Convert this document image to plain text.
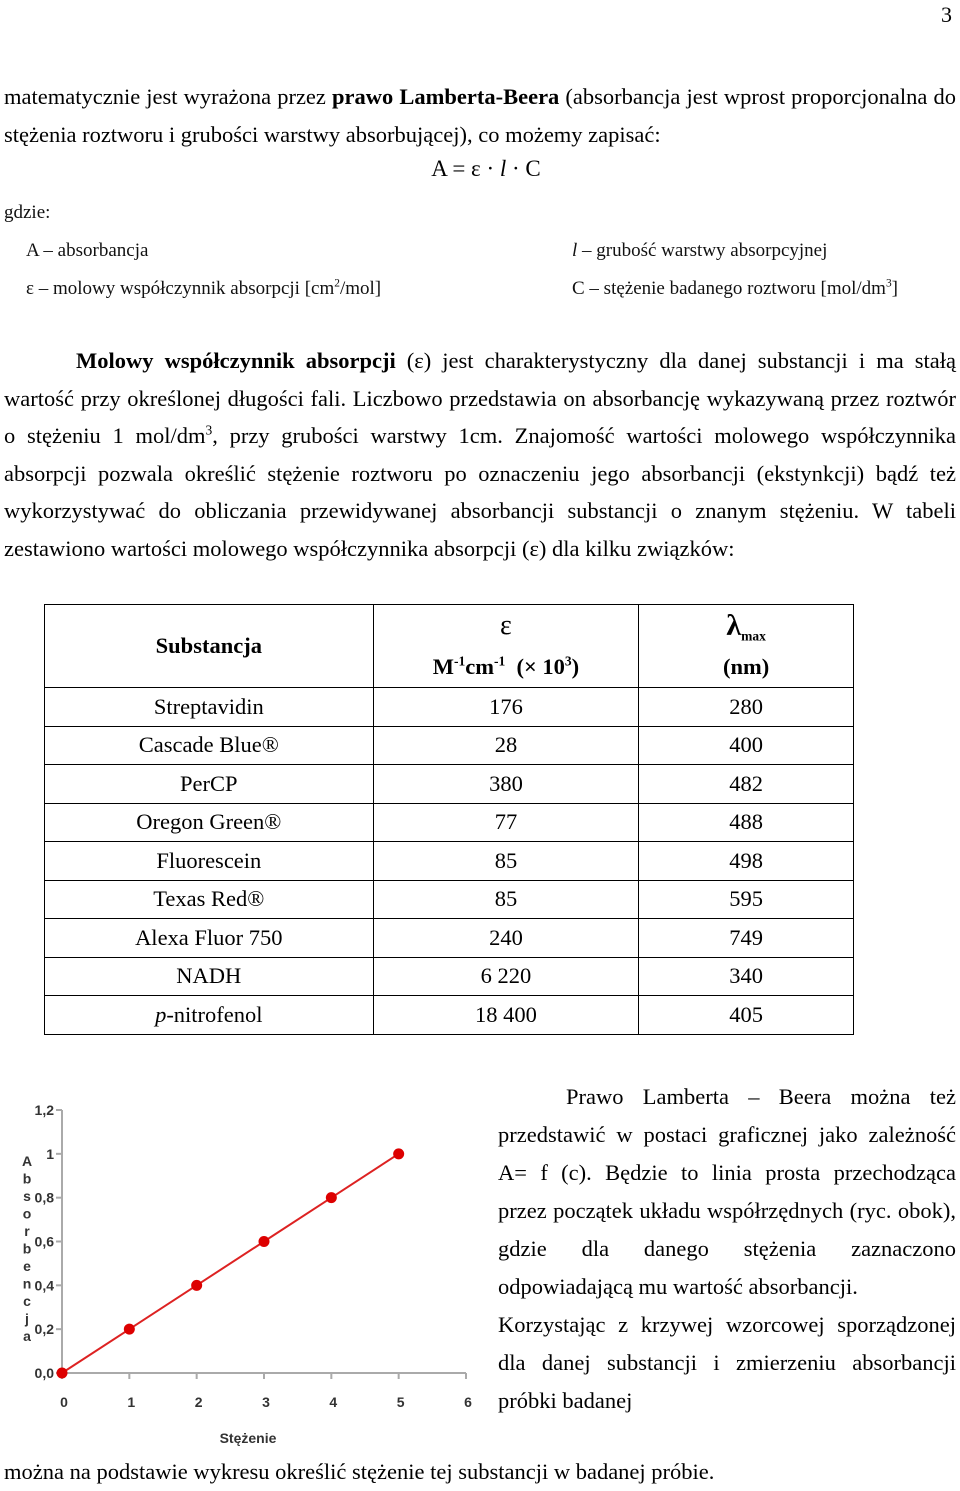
3
matematycznie jest wyrażona przez prawo Lamberta-Beera (absorbancja jest wprost proporcjonalna do stężenia roztworu i grubości warstwy absorbującej), co możemy zapisać:
A = ε · l · C
gdzie:
A – absorbancja	l – grubość warstwy absorpcyjnej
ε – molowy współczynnik absorpcji $[cm^2/mol]$	C – stężenie badanego roztworu $[mol/dm^3]$
Molowy współczynnik absorpcji (ε) jest charakterystyczny dla danej substancji i ma stałą wartość przy określonej długości fali. Liczbowo przedstawia on absorbancję wykazywaną przez roztwór o stężeniu 1 mol/$dm^3$, przy grubości warstwy 1cm. Znajomość wartości molowego współczynnika absorpcji pozwala określić stężenie roztworu po oznaczeniu jego absorbancji (ekstynkcji) bądź też wykorzystywać do obliczania przewidywanej absorbancji substancji o znanym stężeniu. W tabeli zestawiono wartości molowego współczynnika absorpcji (ε) dla kilku związków:
Substancja	ε	$\lambda_{max}$
	$M^{-1}cm^{-1}$  (× $10^3$)	(nm)
Streptavidin	176	280
Cascade Blue®	28	400
PerCP	380	482
Oregon Green®	77	488
Fluorescein	85	498
Texas Red®	85	595
Alexa Fluor 750	240	749
NADH	6 220	340
p-nitrofenol	18 400	405
A b s o r b e n c j a
0,0
0,2
0,4
0,6
0,8
1
1,2
0	1	2	3	4	5	6
Stężenie

Prawo Lamberta – Beera można też przedstawić w postaci graficznej jako zależność A= f (c). Będzie to linia prosta przechodząca przez początek układu współrzędnych (ryc. obok), gdzie dla danego stężenia zaznaczono odpowiadającą mu wartość absorbancji.

Korzystając z krzywej wzorcowej sporządzonej dla danej substancji i zmierzeniu absorbancji próbki badanej

można na podstawie wykresu określić stężenie tej substancji w badanej próbie.
